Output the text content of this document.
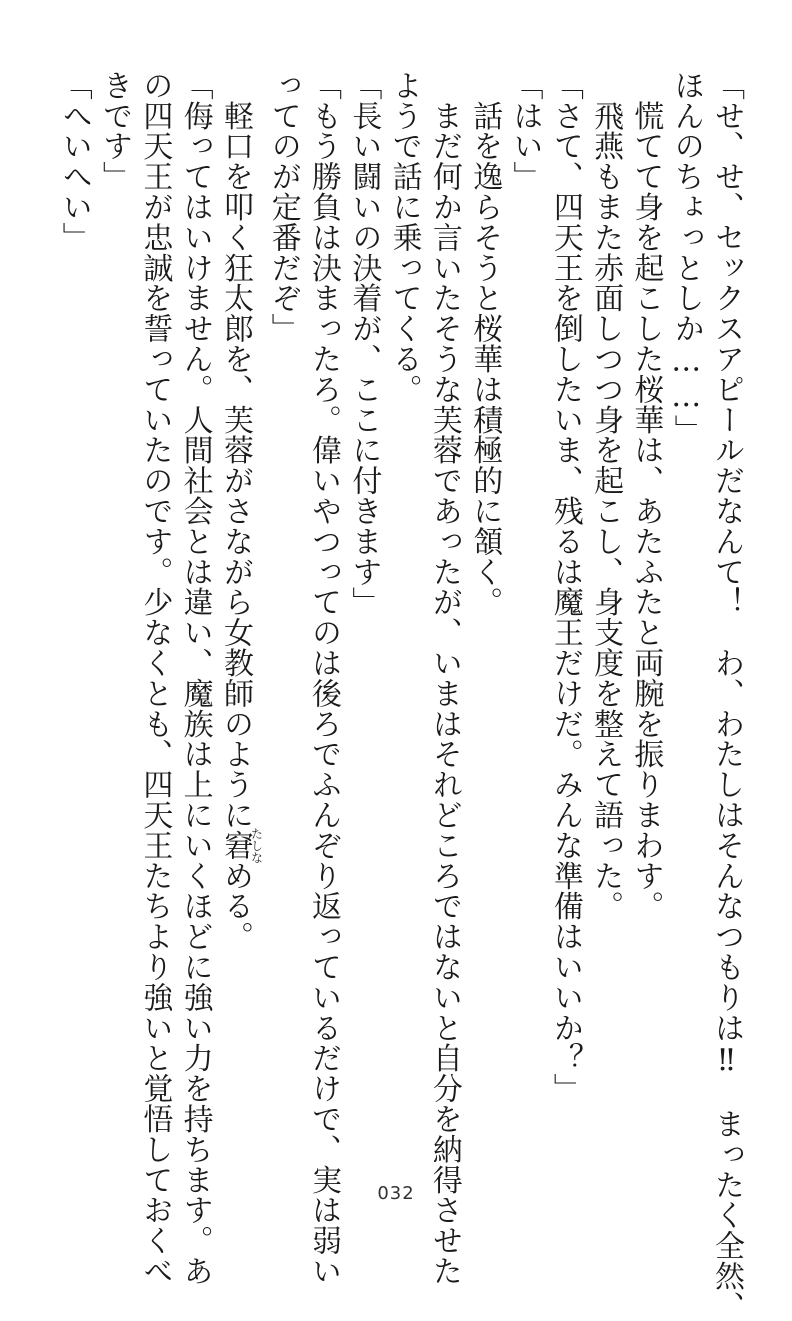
「せ、せ、セックスアピールだなんて！　わ、わたしはそんなつもりは‼　まったく全然、
ほんのちょっとしか……」
　慌てて身を起こした桜華は、あたふたと両腕を振りまわす。
　飛燕もまた赤面しつつ身を起こし、身支度を整えて語った。
「さて、四天王を倒したいま、残るは魔王だけだ。みんな準備はいいか？」
「はい」
　話を逸らそうと桜華は積極的に頷く。
　まだ何か言いたそうな芙蓉であったが、いまはそれどころではないと自分を納得させた
ようで話に乗ってくる。
「長い闘いの決着が、ここに付きます」
「もう勝負は決まったろ。偉いやつってのは後ろでふんぞり返っているだけで、実は弱い
ってのが定番だぞ」
　軽口を叩く狂太郎を、芙蓉がさながら女教師のように窘たしなめる。
「侮ってはいけません。人間社会とは違い、魔族は上にいくほどに強い力を持ちます。あ
の四天王が忠誠を誓っていたのです。少なくとも、四天王たちより強いと覚悟しておくべ
きです」
「へいへい」
032
